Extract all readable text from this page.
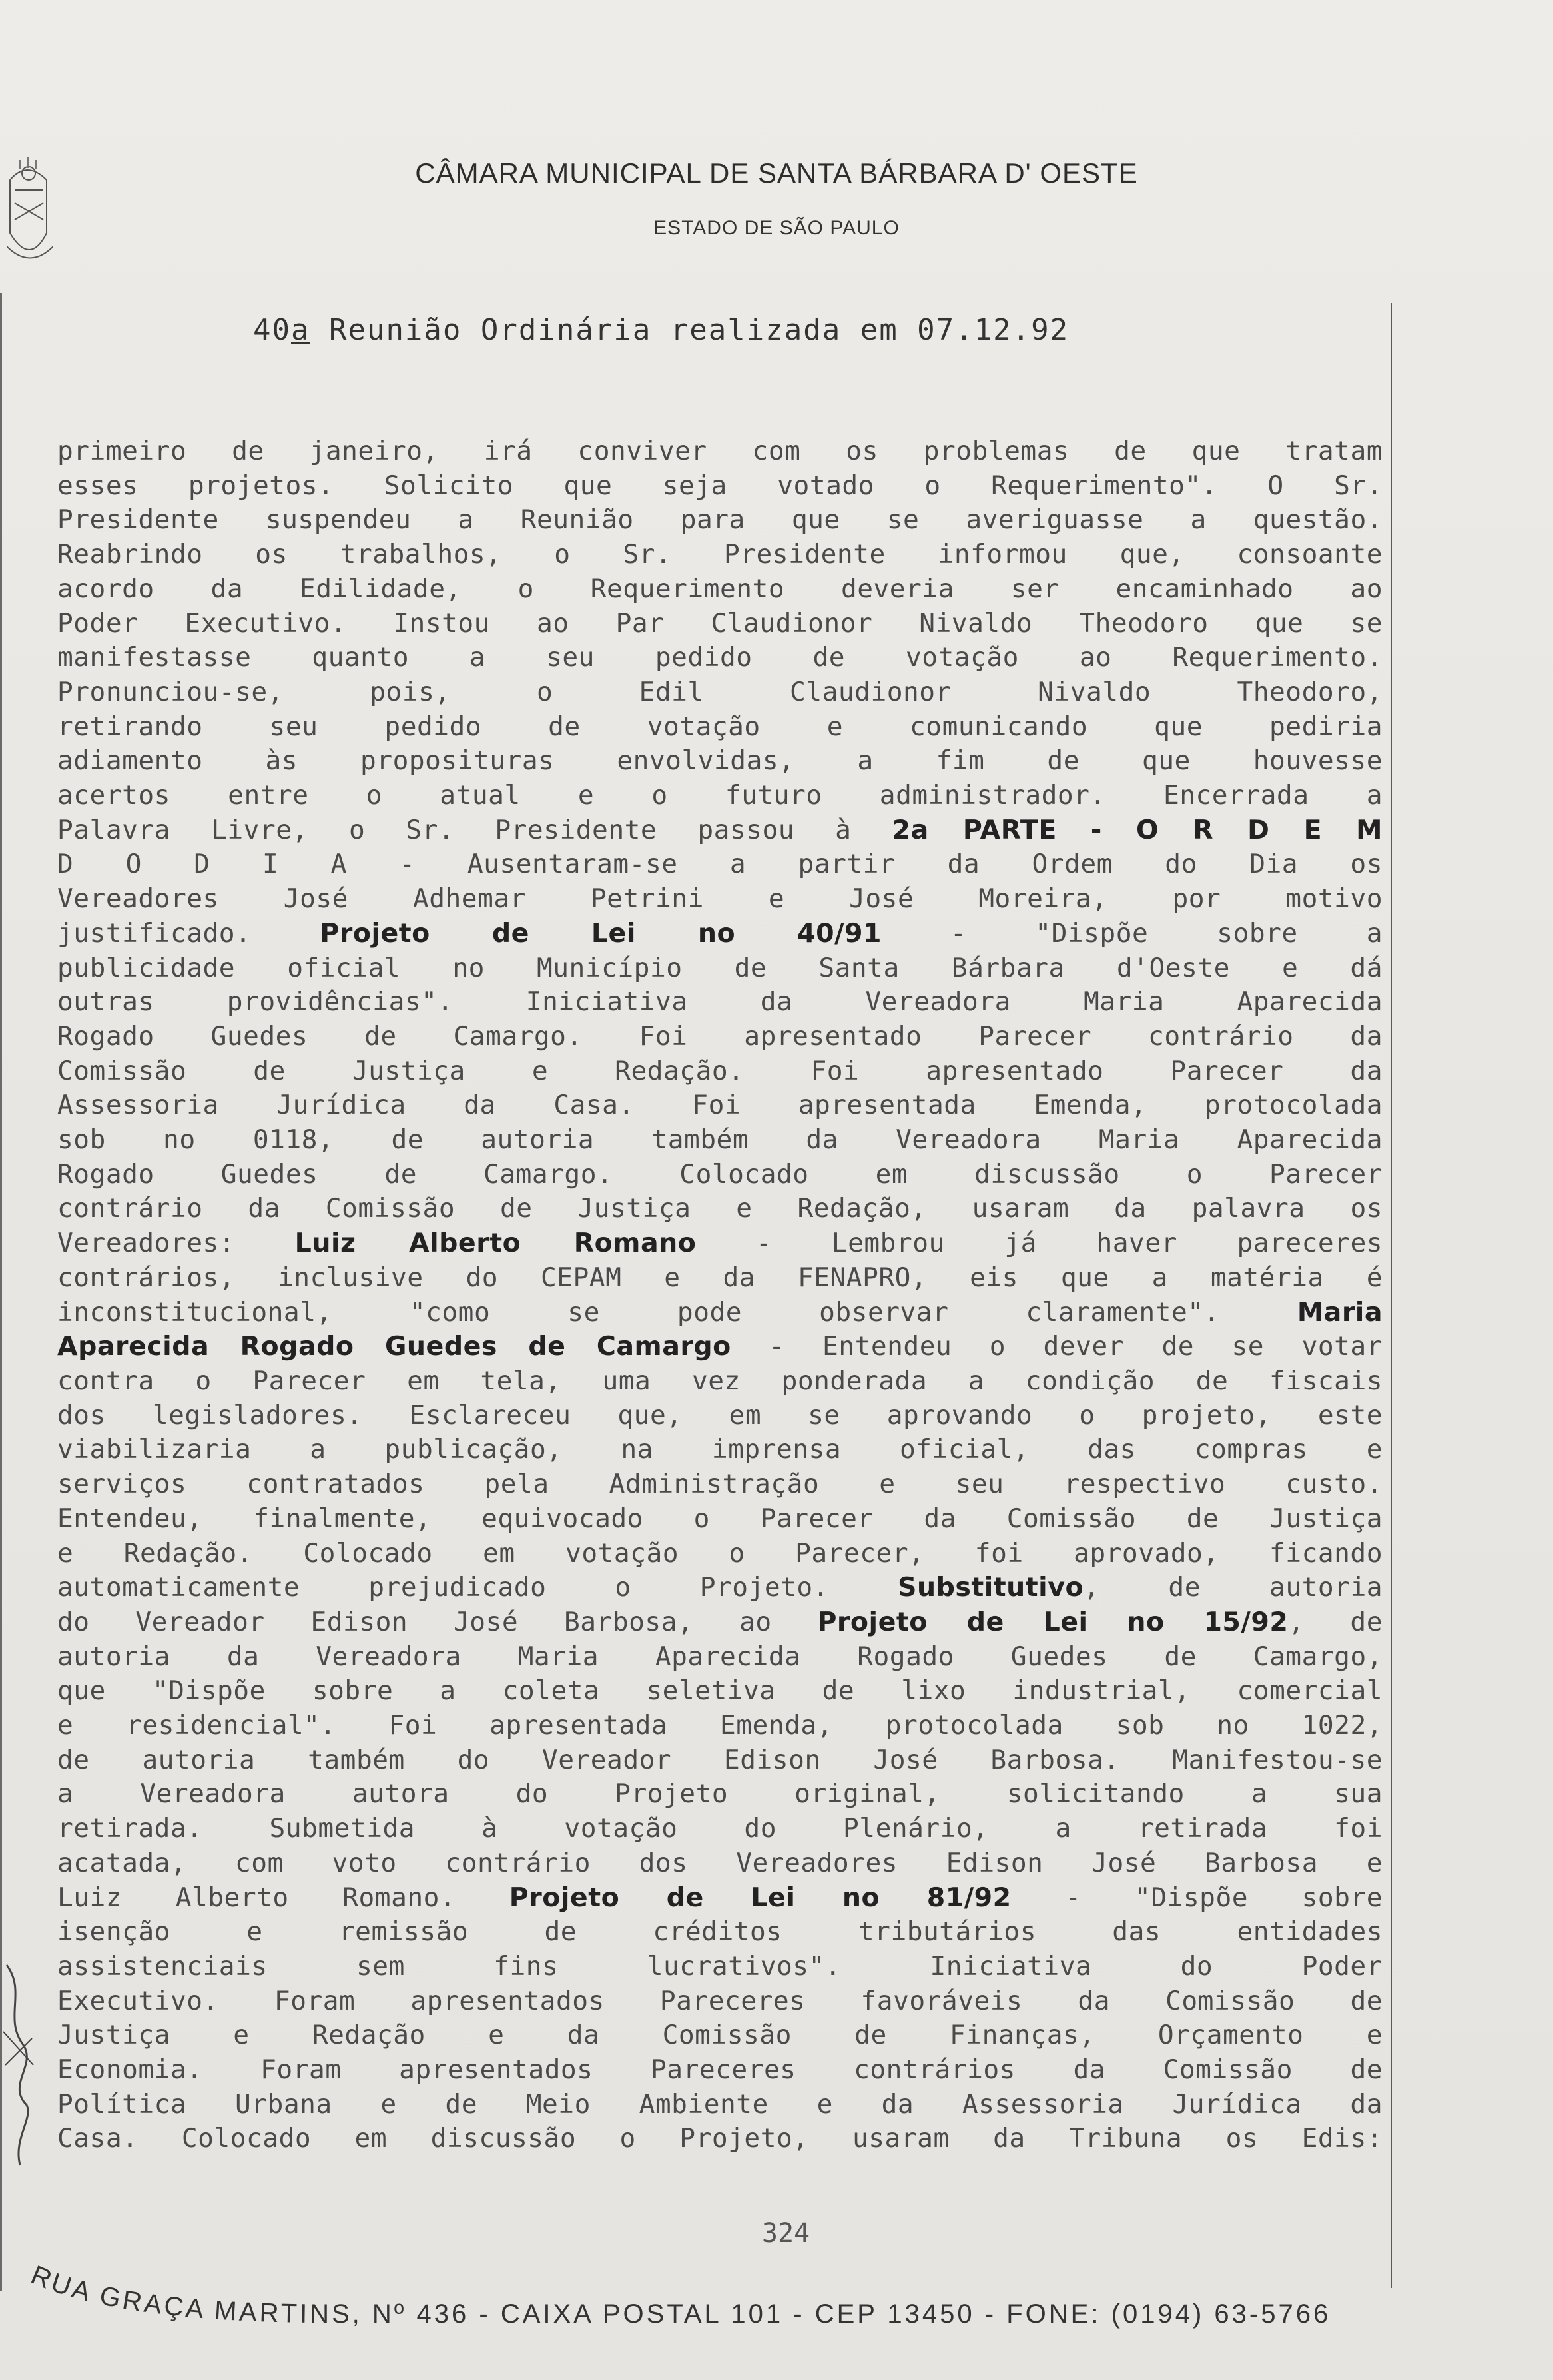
CÂMARA MUNICIPAL DE SANTA BÁRBARA D' OESTE
ESTADO DE SÃO PAULO
40a Reunião Ordinária realizada em 07.12.92
primeiro de janeiro, irá conviver com os problemas de que tratam
esses projetos. Solicito que seja votado o Requerimento". O Sr.
Presidente suspendeu a Reunião para que se averiguasse a questão.
Reabrindo os trabalhos, o Sr. Presidente informou que, consoante
acordo da Edilidade, o Requerimento deveria ser encaminhado ao
Poder Executivo. Instou ao Par Claudionor Nivaldo Theodoro que se
manifestasse quanto a seu pedido de votação ao Requerimento.
Pronunciou-se, pois, o Edil Claudionor Nivaldo Theodoro,
retirando seu pedido de votação e comunicando que pediria
adiamento às proposituras envolvidas, a fim de que houvesse
acertos entre o atual e o futuro administrador. Encerrada a
Palavra Livre, o Sr. Presidente passou à 2a PARTE - O R D E M
D O D I A - Ausentaram-se a partir da Ordem do Dia os
Vereadores José Adhemar Petrini e José Moreira, por motivo
justificado. Projeto de Lei no 40/91 - "Dispõe sobre a
publicidade oficial no Município de Santa Bárbara d'Oeste e dá
outras providências". Iniciativa da Vereadora Maria Aparecida
Rogado Guedes de Camargo. Foi apresentado Parecer contrário da
Comissão de Justiça e Redação. Foi apresentado Parecer da
Assessoria Jurídica da Casa. Foi apresentada Emenda, protocolada
sob no 0118, de autoria também da Vereadora Maria Aparecida
Rogado Guedes de Camargo. Colocado em discussão o Parecer
contrário da Comissão de Justiça e Redação, usaram da palavra os
Vereadores: Luiz Alberto Romano - Lembrou já haver pareceres
contrários, inclusive do CEPAM e da FENAPRO, eis que a matéria é
inconstitucional, "como se pode observar claramente". Maria
Aparecida Rogado Guedes de Camargo - Entendeu o dever de se votar
contra o Parecer em tela, uma vez ponderada a condição de fiscais
dos legisladores. Esclareceu que, em se aprovando o projeto, este
viabilizaria a publicação, na imprensa oficial, das compras e
serviços contratados pela Administração e seu respectivo custo.
Entendeu, finalmente, equivocado o Parecer da Comissão de Justiça
e Redação. Colocado em votação o Parecer, foi aprovado, ficando
automaticamente prejudicado o Projeto. Substitutivo, de autoria
do Vereador Edison José Barbosa, ao Projeto de Lei no 15/92, de
autoria da Vereadora Maria Aparecida Rogado Guedes de Camargo,
que "Dispõe sobre a coleta seletiva de lixo industrial, comercial
e residencial". Foi apresentada Emenda, protocolada sob no 1022,
de autoria também do Vereador Edison José Barbosa. Manifestou-se
a Vereadora autora do Projeto original, solicitando a sua
retirada. Submetida à votação do Plenário, a retirada foi
acatada, com voto contrário dos Vereadores Edison José Barbosa e
Luiz Alberto Romano. Projeto de Lei no 81/92 - "Dispõe sobre
isenção e remissão de créditos tributários das entidades
assistenciais sem fins lucrativos". Iniciativa do Poder
Executivo. Foram apresentados Pareceres favoráveis da Comissão de
Justiça e Redação e da Comissão de Finanças, Orçamento e
Economia. Foram apresentados Pareceres contrários da Comissão de
Política Urbana e de Meio Ambiente e da Assessoria Jurídica da
Casa. Colocado em discussão o Projeto, usaram da Tribuna os Edis:
324
RUA GRAÇA MARTINS, Nº 436 - CAIXA POSTAL 101 - CEP 13450 - FONE: (0194) 63-5766
